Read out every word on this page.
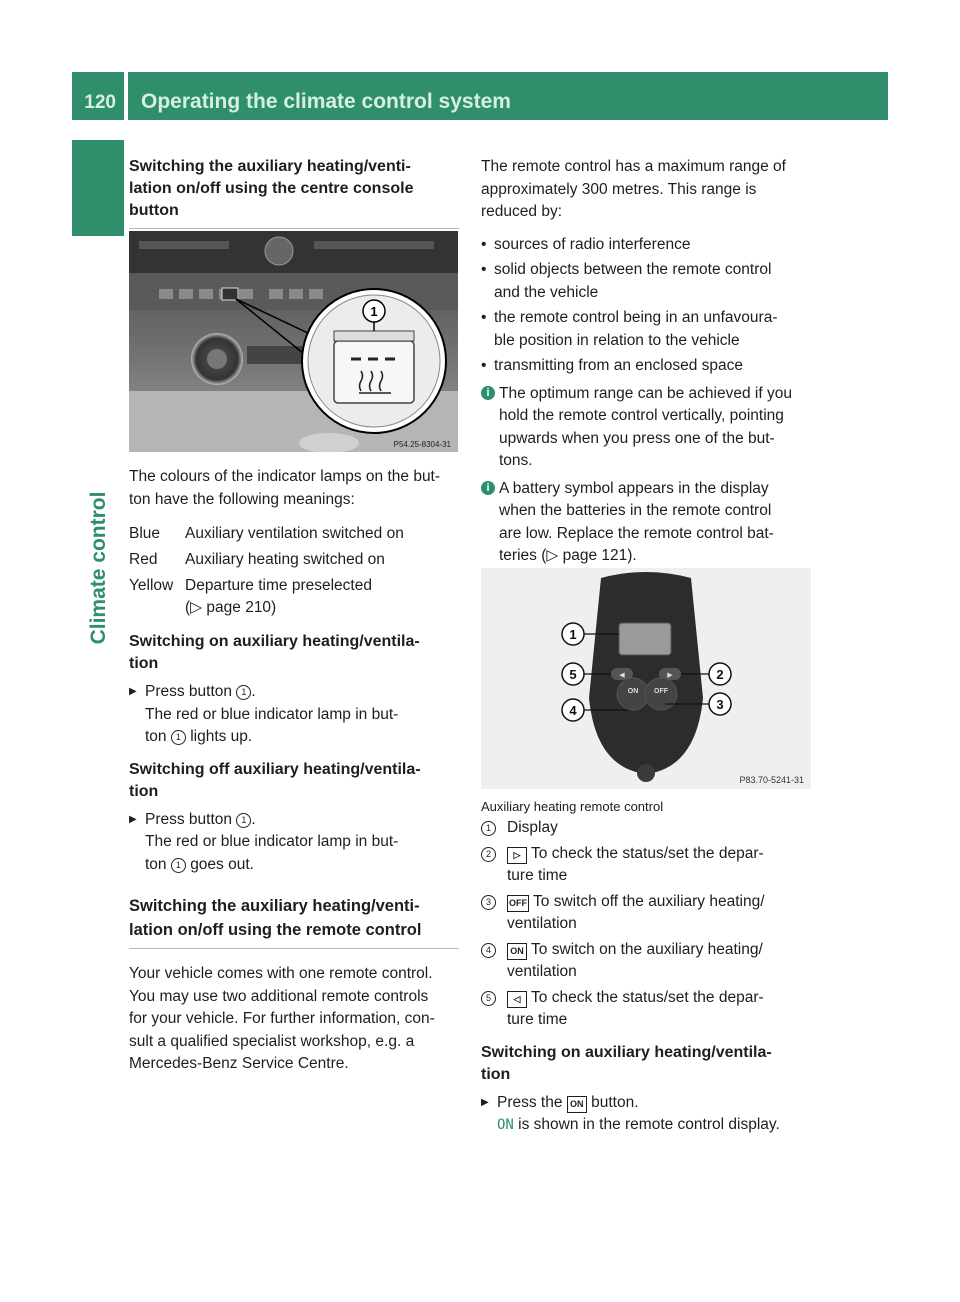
120 Operating the climate control system
Climate control
Switching the auxiliary heating/venti-
lation on/off using the centre console
button
1
P54.25-8304-31

The colours of the indicator lamps on the but-

ton have the following meanings:

Blue	Auxiliary ventilation switched on
Red	Auxiliary heating switched on
Yellow	Departure time preselected
(▷ page 210)
Switching on auxiliary heating/ventila-
tion
▶ Press button 1 .
The red or blue indicator lamp in but-
ton 1 lights up.
Switching off auxiliary heating/ventila-
tion
▶ Press button 1 .
The red or blue indicator lamp in but-
ton 1 goes out.
Switching the auxiliary heating/venti-
lation on/off using the remote control

Your vehicle comes with one remote control.

You may use two additional remote controls

for your vehicle. For further information, con-

sult a qualified specialist workshop, e.g. a

Mercedes-Benz Service Centre.

The remote control has a maximum range of

approximately 300 metres. This range is

reduced by:

• sources of radio interference
• solid objects between the remote control
and the vehicle
• the remote control being in an unfavoura-
ble position in relation to the vehicle
• transmitting from an enclosed space
i The optimum range can be achieved if you
hold the remote control vertically, pointing
upwards when you press one of the but-
tons.
i A battery symbol appears in the display
when the batteries in the remote control
are low. Replace the remote control bat-
teries (▷ page 121).
◀	▶
ON OFF
1
5
4
2
3
P83.70-5241-31

Auxiliary heating remote control

1	Display
2	▷ To check the status/set the depar-
ture time
3	OFF To switch off the auxiliary heating/
ventilation
4	ON To switch on the auxiliary heating/
ventilation
5	◁ To check the status/set the depar-
ture time
Switching on auxiliary heating/ventila-
tion
▶ Press the ON button.
ON is shown in the remote control display.
